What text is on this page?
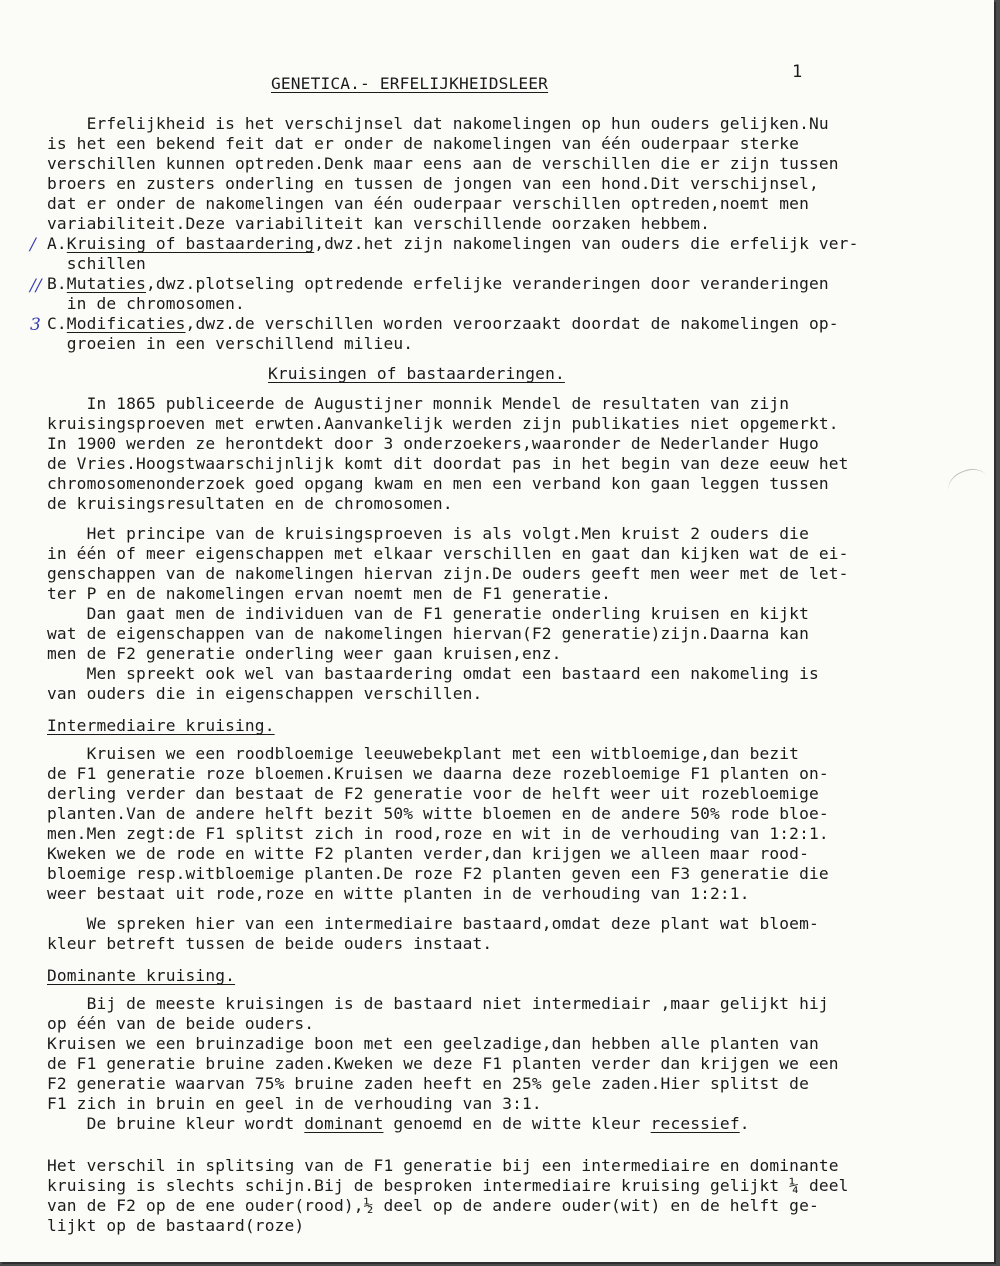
1
GENETICA.- ERFELIJKHEIDSLEER
Erfelijkheid is het verschijnsel dat nakomelingen op hun ouders gelijken.Nu
is het een bekend feit dat er onder de nakomelingen van één ouderpaar sterke
verschillen kunnen optreden.Denk maar eens aan de verschillen die er zijn tussen
broers en zusters onderling en tussen de jongen van een hond.Dit verschijnsel,
dat er onder de nakomelingen van één ouderpaar verschillen optreden,noemt men
variabiliteit.Deze variabiliteit kan verschillende oorzaken hebbem.
/ A.Kruising of bastaardering,dwz.het zijn nakomelingen van ouders die erfelijk ver-
schillen
// B.Mutaties,dwz.plotseling optredende erfelijke veranderingen door veranderingen
in de chromosomen.
3 C.Modificaties,dwz.de verschillen worden veroorzaakt doordat de nakomelingen op-
groeien in een verschillend milieu.
Kruisingen of bastaarderingen.
In 1865 publiceerde de Augustijner monnik Mendel de resultaten van zijn
kruisingsproeven met erwten.Aanvankelijk werden zijn publikaties niet opgemerkt.
In 1900 werden ze herontdekt door 3 onderzoekers,waaronder de Nederlander Hugo
de Vries.Hoogstwaarschijnlijk komt dit doordat pas in het begin van deze eeuw het
chromosomenonderzoek goed opgang kwam en men een verband kon gaan leggen tussen
de kruisingsresultaten en de chromosomen.
Het principe van de kruisingsproeven is als volgt.Men kruist 2 ouders die
in één of meer eigenschappen met elkaar verschillen en gaat dan kijken wat de ei-
genschappen van de nakomelingen hiervan zijn.De ouders geeft men weer met de let-
ter P en de nakomelingen ervan noemt men de F1 generatie.
Dan gaat men de individuen van de F1 generatie onderling kruisen en kijkt
wat de eigenschappen van de nakomelingen hiervan(F2 generatie)zijn.Daarna kan
men de F2 generatie onderling weer gaan kruisen,enz.
Men spreekt ook wel van bastaardering omdat een bastaard een nakomeling is
van ouders die in eigenschappen verschillen.
Intermediaire kruising.
Kruisen we een roodbloemige leeuwebekplant met een witbloemige,dan bezit
de F1 generatie roze bloemen.Kruisen we daarna deze rozebloemige F1 planten on-
derling verder dan bestaat de F2 generatie voor de helft weer uit rozebloemige
planten.Van de andere helft bezit 50% witte bloemen en de andere 50% rode bloe-
men.Men zegt:de F1 splitst zich in rood,roze en wit in de verhouding van 1:2:1.
Kweken we de rode en witte F2 planten verder,dan krijgen we alleen maar rood-
bloemige resp.witbloemige planten.De roze F2 planten geven een F3 generatie die
weer bestaat uit rode,roze en witte planten in de verhouding van 1:2:1.
We spreken hier van een intermediaire bastaard,omdat deze plant wat bloem-
kleur betreft tussen de beide ouders instaat.
Dominante kruising.
Bij de meeste kruisingen is de bastaard niet intermediair ,maar gelijkt hij
op één van de beide ouders.
Kruisen we een bruinzadige boon met een geelzadige,dan hebben alle planten van
de F1 generatie bruine zaden.Kweken we deze F1 planten verder dan krijgen we een
F2 generatie waarvan 75% bruine zaden heeft en 25% gele zaden.Hier splitst de
F1 zich in bruin en geel in de verhouding van 3:1.
De bruine kleur wordt dominant genoemd en de witte kleur recessief.
Het verschil in splitsing van de F1 generatie bij een intermediaire en dominante
kruising is slechts schijn.Bij de besproken intermediaire kruising gelijkt ¼ deel
van de F2 op de ene ouder(rood),½ deel op de andere ouder(wit) en de helft ge-
lijkt op de bastaard(roze)
